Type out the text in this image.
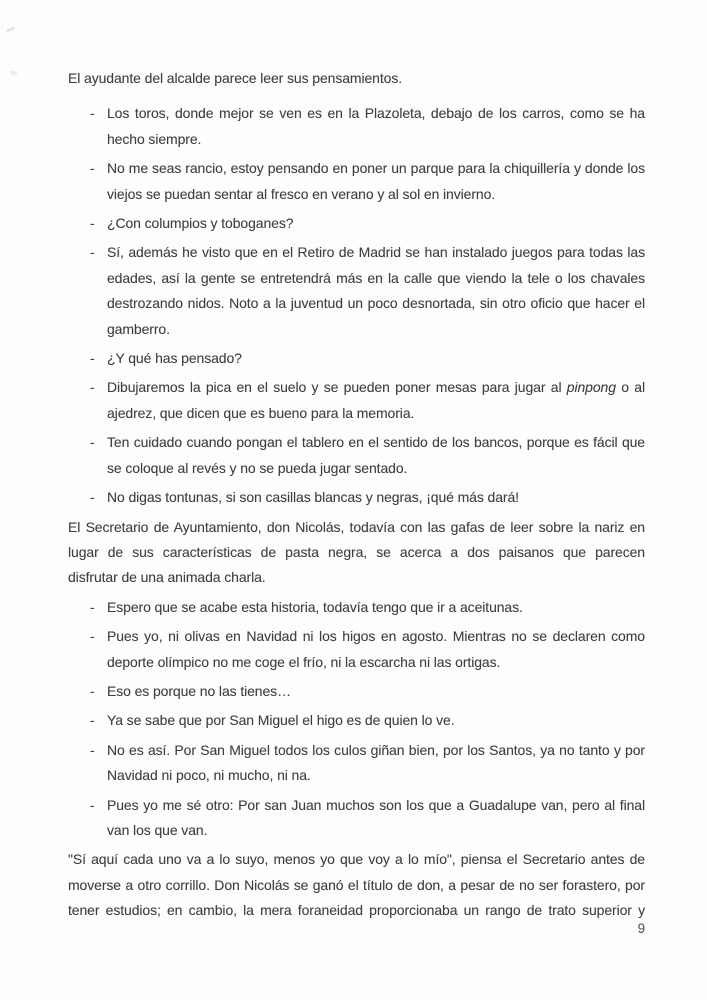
El ayudante del alcalde parece leer sus pensamientos.
- Los toros, donde mejor se ven es en la Plazoleta, debajo de los carros, como se ha
hecho siempre.
- No me seas rancio, estoy pensando en poner un parque para la chiquillería y donde los
viejos se puedan sentar al fresco en verano y al sol en invierno.
- ¿Con columpios y toboganes?
- Sí, además he visto que en el Retiro de Madrid se han instalado juegos para todas las
edades, así la gente se entretendrá más en la calle que viendo la tele o los chavales
destrozando nidos. Noto a la juventud un poco desnortada, sin otro oficio que hacer el
gamberro.
- ¿Y qué has pensado?
- Dibujaremos la pica en el suelo y se pueden poner mesas para jugar al pinpong o al
ajedrez, que dicen que es bueno para la memoria.
- Ten cuidado cuando pongan el tablero en el sentido de los bancos, porque es fácil que
se coloque al revés y no se pueda jugar sentado.
- No digas tontunas, si son casillas blancas y negras, ¡qué más dará!
El Secretario de Ayuntamiento, don Nicolás, todavía con las gafas de leer sobre la nariz en
lugar de sus características de pasta negra, se acerca a dos paisanos que parecen
disfrutar de una animada charla.
- Espero que se acabe esta historia, todavía tengo que ir a aceitunas.
- Pues yo, ni olivas en Navidad ni los higos en agosto. Mientras no se declaren como
deporte olímpico no me coge el frío, ni la escarcha ni las ortigas.
- Eso es porque no las tienes…
- Ya se sabe que por San Miguel el higo es de quien lo ve.
- No es así. Por San Miguel todos los culos giñan bien, por los Santos, ya no tanto y por
Navidad ni poco, ni mucho, ni na.
- Pues yo me sé otro: Por san Juan muchos son los que a Guadalupe van, pero al final
van los que van.
"Sí aquí cada uno va a lo suyo, menos yo que voy a lo mío", piensa el Secretario antes de
moverse a otro corrillo. Don Nicolás se ganó el título de don, a pesar de no ser forastero, por
tener estudios; en cambio, la mera foraneidad proporcionaba un rango de trato superior y
9
